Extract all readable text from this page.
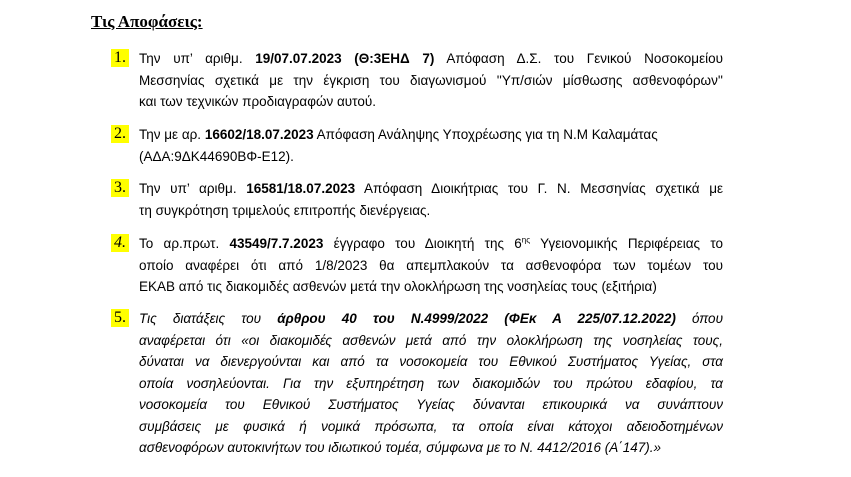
Τις Αποφάσεις:
1. Την υπ’ αριθμ. 19/07.07.2023 (Θ:3ΕΗΔ 7) Απόφαση Δ.Σ. του Γενικού Νοσοκομείου
Μεσσηνίας σχετικά με την έγκριση του διαγωνισμού ''Υπ/σιών μίσθωσης ασθενοφόρων''
και των τεχνικών προδιαγραφών αυτού.
2. Την με αρ. 16602/18.07.2023 Απόφαση Ανάληψης Υποχρέωσης για τη Ν.Μ Καλαμάτας
(ΑΔΑ:9ΔΚ44690ΒΦ-Ε12).
3. Την υπ’ αριθμ. 16581/18.07.2023 Απόφαση Διοικήτριας του Γ. Ν. Μεσσηνίας σχετικά με
τη συγκρότηση τριμελούς επιτροπής διενέργειας.
4. Το αρ.πρωτ. 43549/7.7.2023 έγγραφο του Διοικητή της $6^{\eta\varsigma}$ Υγειονομικής Περιφέρειας το
οποίο αναφέρει ότι από 1/8/2023 θα απεμπλακούν τα ασθενοφόρα των τομέων του
ΕΚΑΒ από τις διακομιδές ασθενών μετά την ολοκλήρωση της νοσηλείας τους (εξιτήρια)
5. Τις διατάξεις του άρθρου 40 του Ν.4999/2022 (ΦΕκ Α 225/07.12.2022) όπου
αναφέρεται ότι «οι διακομιδές ασθενών μετά από την ολοκλήρωση της νοσηλείας τους,
δύναται να διενεργούνται και από τα νοσοκομεία του Εθνικού Συστήματος Υγείας, στα
οποία νοσηλεύονται. Για την εξυπηρέτηση των διακομιδών του πρώτου εδαφίου, τα
νοσοκομεία του Εθνικού Συστήματος Υγείας δύνανται επικουρικά να συνάπτουν
συμβάσεις με φυσικά ή νομικά πρόσωπα, τα οποία είναι κάτοχοι αδειοδοτημένων
ασθενοφόρων αυτοκινήτων του ιδιωτικού τομέα, σύμφωνα με το Ν. 4412/2016 (Α΄147).»
